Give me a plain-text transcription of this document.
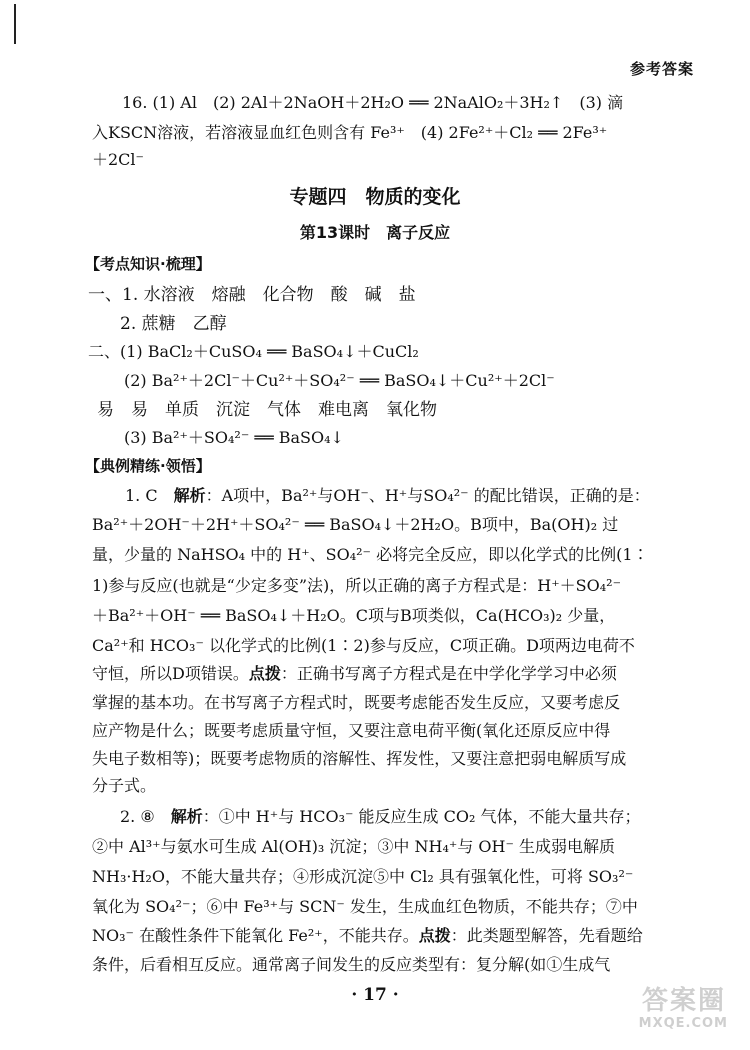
参考答案
16. (1) Al　(2) 2Al＋2NaOH＋2H₂O ══ 2NaAlO₂＋3H₂↑　(3) 滴
入KSCN溶液，若溶液显血红色则含有 Fe³⁺　(4) 2Fe²⁺＋Cl₂ ══ 2Fe³⁺
＋2Cl⁻
专题四　物质的变化
第13课时　离子反应
【考点知识·梳理】
一、1. 水溶液　熔融　化合物　酸　碱　盐
2. 蔗糖　乙醇
二、(1) BaCl₂＋CuSO₄ ══ BaSO₄↓＋CuCl₂
(2) Ba²⁺＋2Cl⁻＋Cu²⁺＋SO₄²⁻ ══ BaSO₄↓＋Cu²⁺＋2Cl⁻
易　易　单质　沉淀　气体　难电离　氧化物
(3) Ba²⁺＋SO₄²⁻ ══ BaSO₄↓
【典例精练·领悟】
1. C　解析：A项中，Ba²⁺与OH⁻、H⁺与SO₄²⁻ 的配比错误，正确的是：
Ba²⁺＋2OH⁻＋2H⁺＋SO₄²⁻ ══ BaSO₄↓＋2H₂O。B项中，Ba(OH)₂ 过
量，少量的 NaHSO₄ 中的 H⁺、SO₄²⁻ 必将完全反应，即以化学式的比例(1∶
1)参与反应(也就是“少定多变”法)，所以正确的离子方程式是：H⁺＋SO₄²⁻
＋Ba²⁺＋OH⁻ ══ BaSO₄↓＋H₂O。C项与B项类似，Ca(HCO₃)₂ 少量，
Ca²⁺和 HCO₃⁻ 以化学式的比例(1∶2)参与反应，C项正确。D项两边电荷不
守恒，所以D项错误。点拨：正确书写离子方程式是在中学化学学习中必须
掌握的基本功。在书写离子方程式时，既要考虑能否发生反应，又要考虑反
应产物是什么；既要考虑质量守恒，又要注意电荷平衡(氧化还原反应中得
失电子数相等)；既要考虑物质的溶解性、挥发性，又要注意把弱电解质写成
分子式。
2. ⑧　解析：①中 H⁺与 HCO₃⁻ 能反应生成 CO₂ 气体，不能大量共存；
②中 Al³⁺与氨水可生成 Al(OH)₃ 沉淀；③中 NH₄⁺与 OH⁻ 生成弱电解质
NH₃·H₂O，不能大量共存；④形成沉淀⑤中 Cl₂ 具有强氧化性，可将 SO₃²⁻
氧化为 SO₄²⁻；⑥中 Fe³⁺与 SCN⁻ 发生，生成血红色物质，不能共存；⑦中
NO₃⁻ 在酸性条件下能氧化 Fe²⁺，不能共存。点拨：此类题型解答，先看题给
条件，后看相互反应。通常离子间发生的反应类型有：复分解(如①生成气
· 17 ·	答案圈
MXQE.COM
